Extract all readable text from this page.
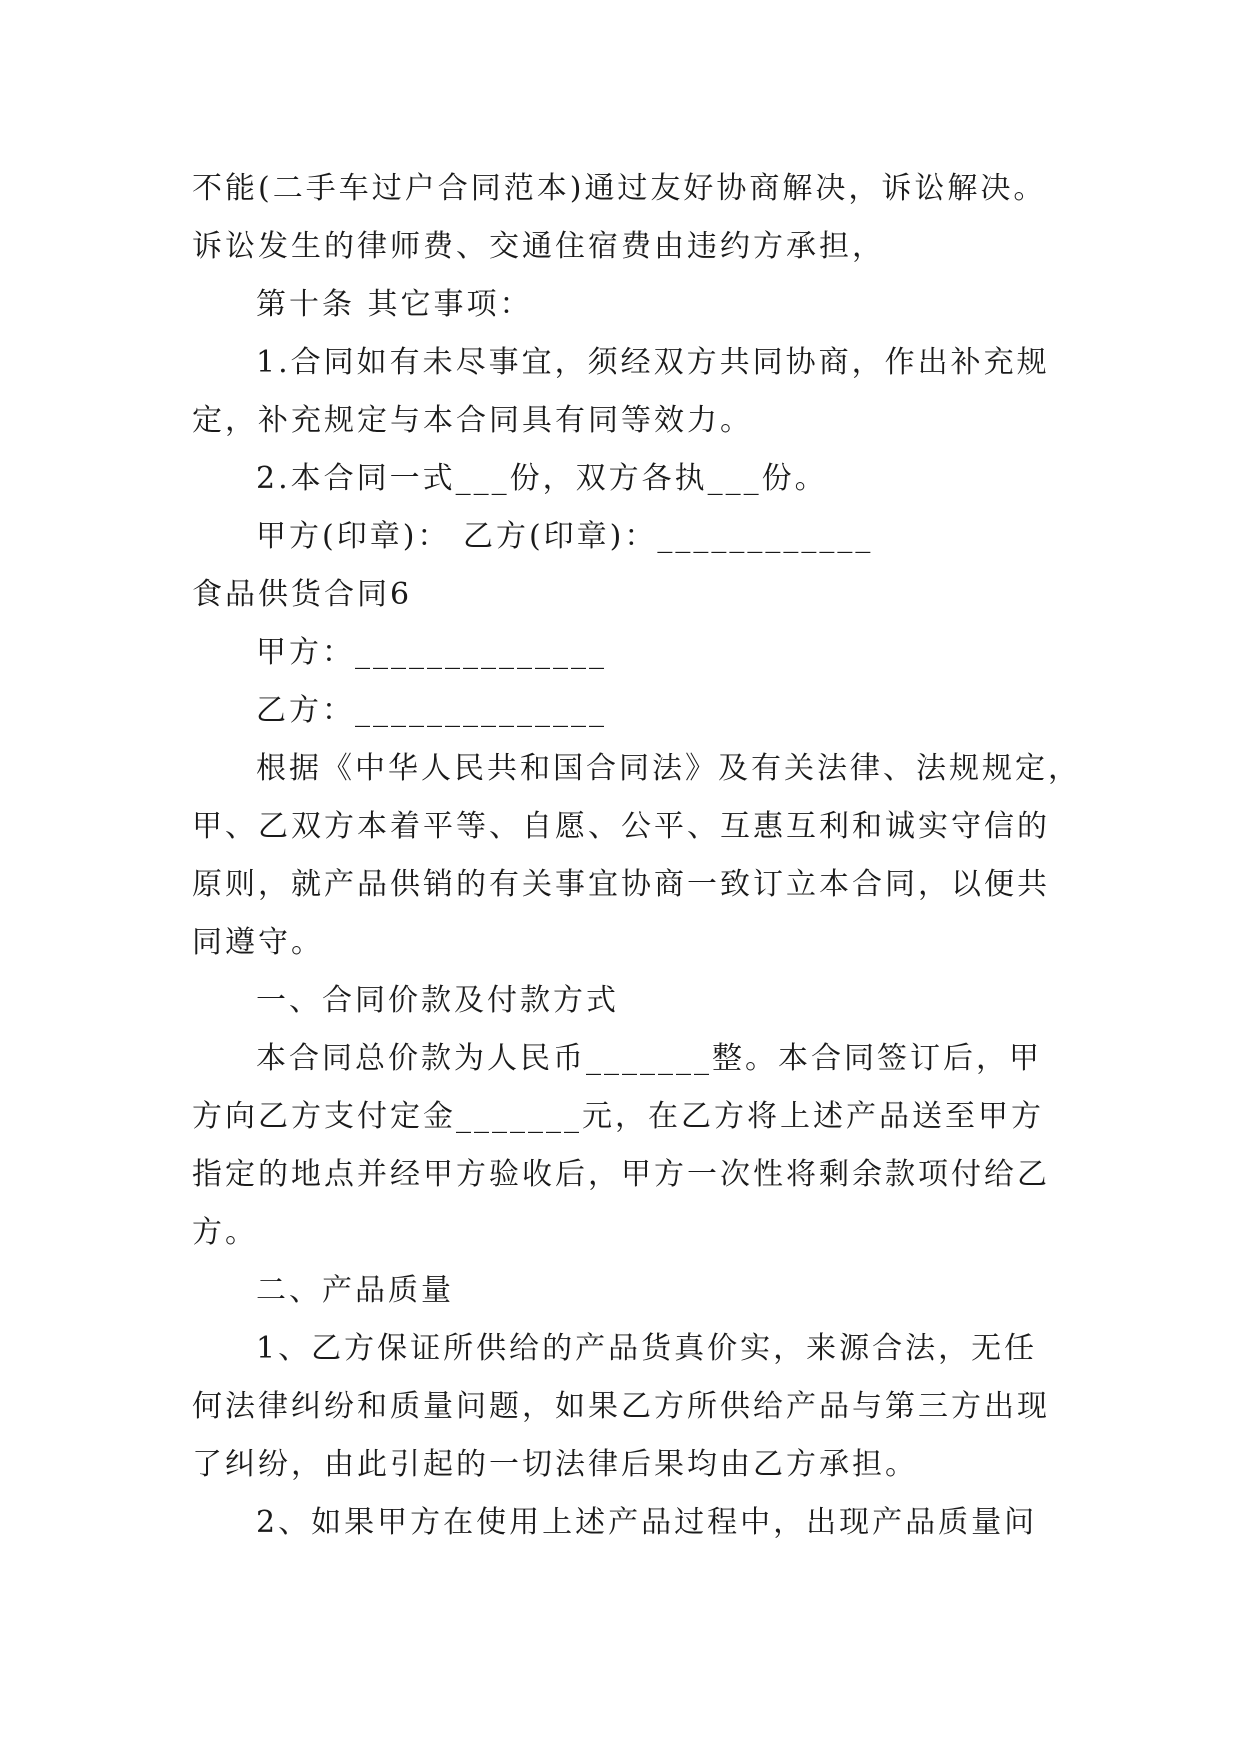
不能(二手车过户合同范本)通过友好协商解决，诉讼解决。
诉讼发生的律师费、交通住宿费由违约方承担，
第十条 其它事项：
1.合同如有未尽事宜，须经双方共同协商，作出补充规
定，补充规定与本合同具有同等效力。
2.本合同一式___份，双方各执___份。
甲方(印章)： 乙方(印章)：____________
食品供货合同6
甲方：______________
乙方：______________
根据《中华人民共和国合同法》及有关法律、法规规定，
甲、乙双方本着平等、自愿、公平、互惠互利和诚实守信的
原则，就产品供销的有关事宜协商一致订立本合同，以便共
同遵守。
一、合同价款及付款方式
本合同总价款为人民币_______整。本合同签订后，甲
方向乙方支付定金_______元，在乙方将上述产品送至甲方
指定的地点并经甲方验收后，甲方一次性将剩余款项付给乙
方。
二、产品质量
1、乙方保证所供给的产品货真价实，来源合法，无任
何法律纠纷和质量问题，如果乙方所供给产品与第三方出现
了纠纷，由此引起的一切法律后果均由乙方承担。
2、如果甲方在使用上述产品过程中，出现产品质量问
